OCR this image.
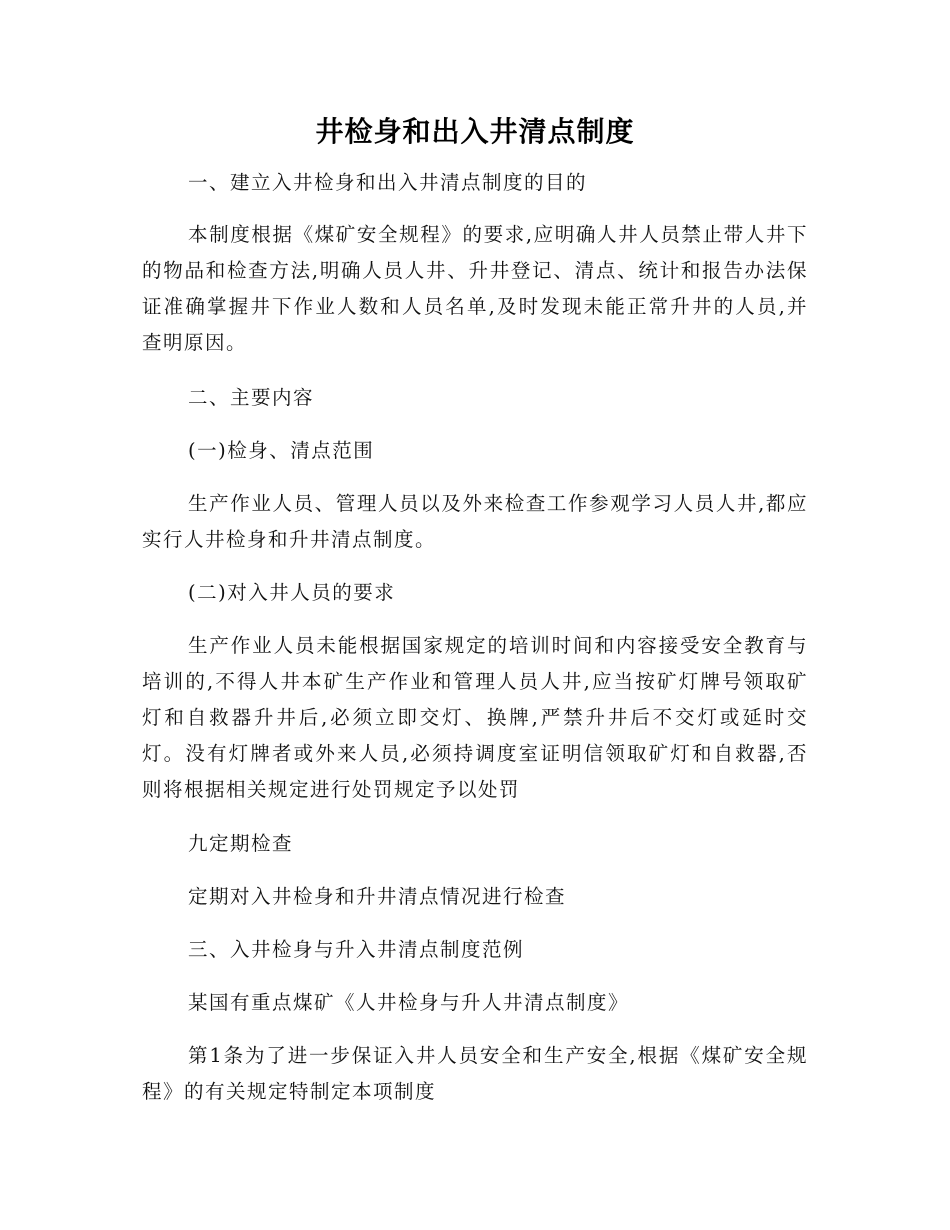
井检身和出入井清点制度

一、建立入井检身和出入井清点制度的目的

本制度根据《煤矿安全规程》的要求,应明确人井人员禁止带人井下的物品和检查方法,明确人员人井、升井登记、清点、统计和报告办法保证准确掌握井下作业人数和人员名单,及时发现未能正常升井的人员,并查明原因。

二、主要内容

(一)检身、清点范围

生产作业人员、管理人员以及外来检查工作参观学习人员人井,都应实行人井检身和升井清点制度。

(二)对入井人员的要求

生产作业人员未能根据国家规定的培训时间和内容接受安全教育与培训的,不得人井本矿生产作业和管理人员人井,应当按矿灯牌号领取矿灯和自救器升井后,必须立即交灯、换牌,严禁升井后不交灯或延时交灯。没有灯牌者或外来人员,必须持调度室证明信领取矿灯和自救器,否则将根据相关规定进行处罚规定予以处罚

九定期检查

定期对入井检身和升井清点情况进行检查

三、入井检身与升入井清点制度范例

某国有重点煤矿《人井检身与升人井清点制度》

第1条为了进一步保证入井人员安全和生产安全,根据《煤矿安全规程》的有关规定特制定本项制度
